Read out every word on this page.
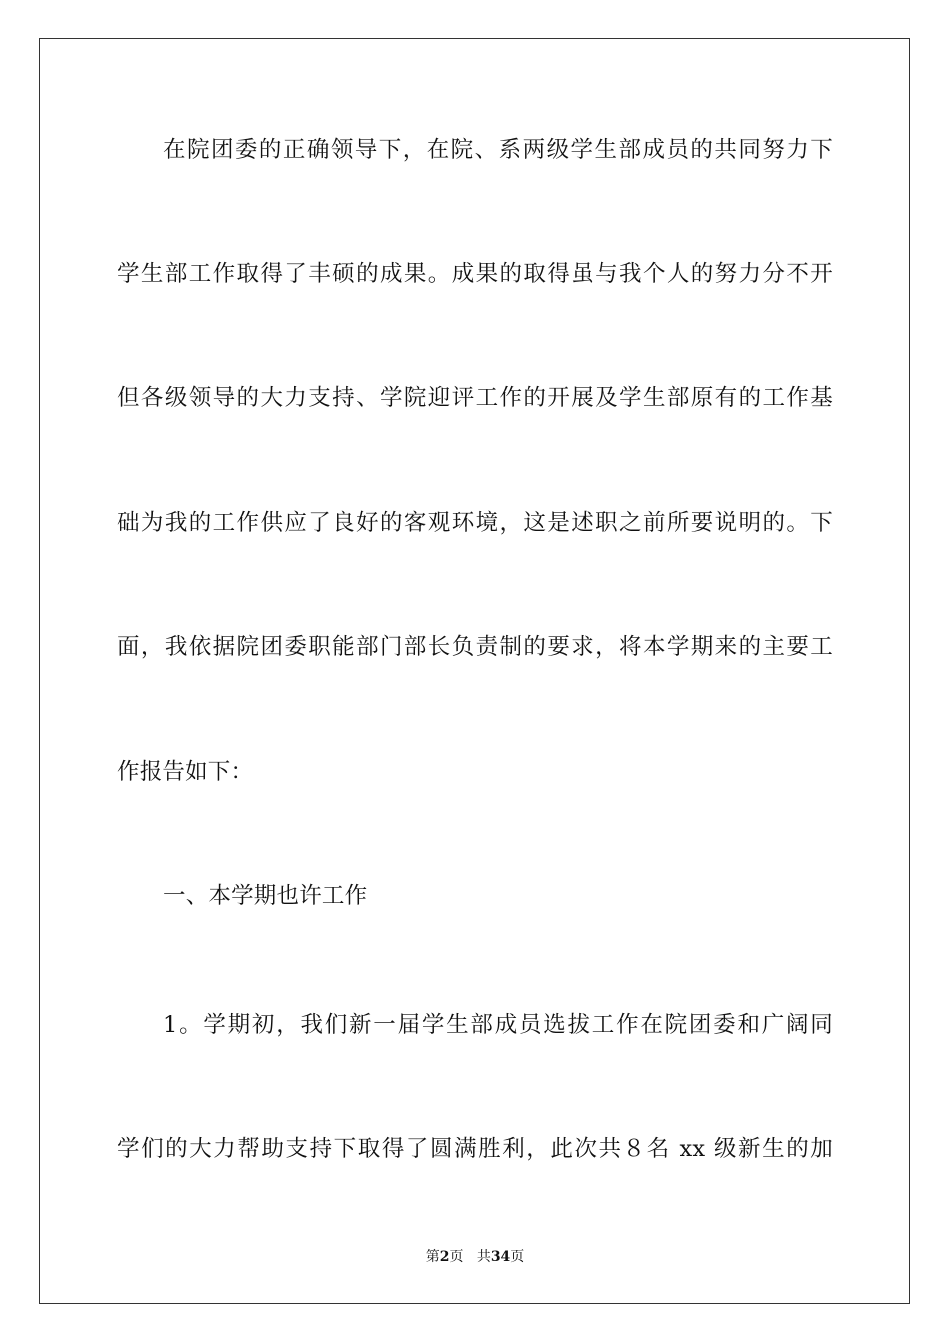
在院团委的正确领导下，在院、系两级学生部成员的共同努力下
学生部工作取得了丰硕的成果。成果的取得虽与我个人的努力分不开
但各级领导的大力支持、学院迎评工作的开展及学生部原有的工作基
础为我的工作供应了良好的客观环境，这是述职之前所要说明的。下
面，我依据院团委职能部门部长负责制的要求，将本学期来的主要工
作报告如下：
一、本学期也许工作
1。学期初，我们新一届学生部成员选拔工作在院团委和广阔同
学们的大力帮助支持下取得了圆满胜利，此次共８名 xx 级新生的加
第2页 共34页
